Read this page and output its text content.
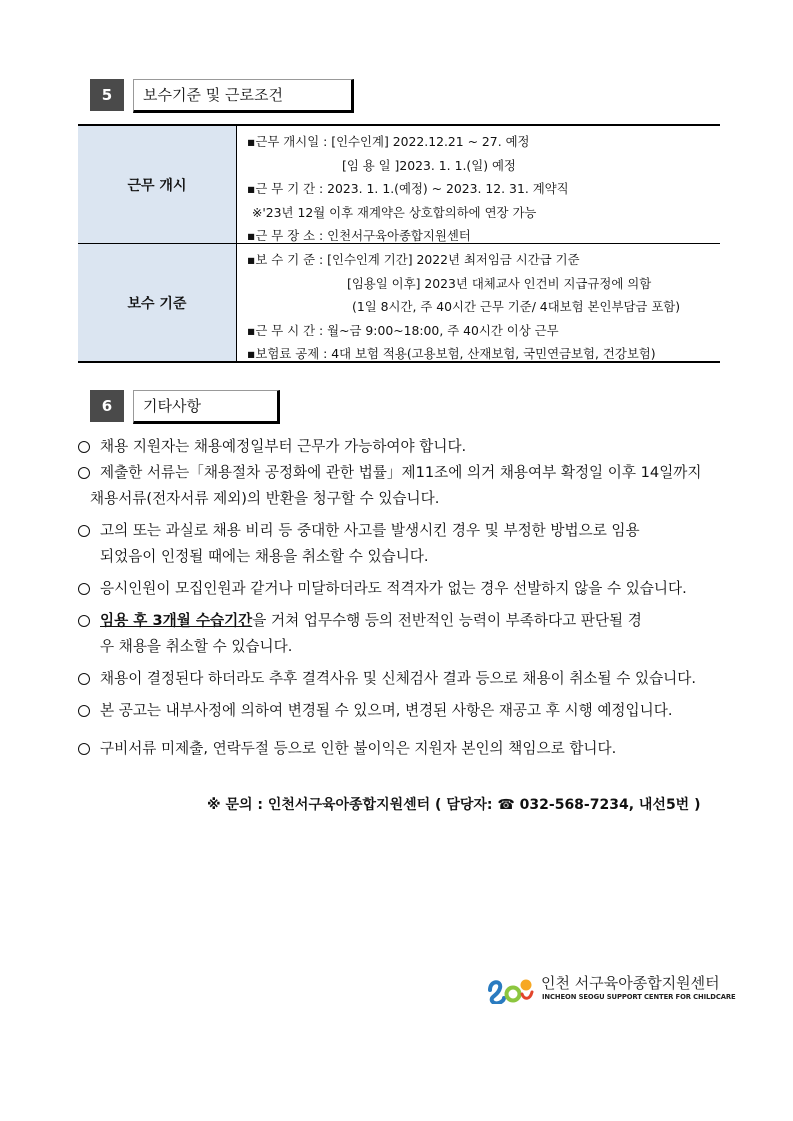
5	보수기준 및 근로조건
근무 개시
▪근무 개시일 : [인수인계] 2022.12.21 ~ 27. 예정
[임 용 일 ]2023. 1. 1.(일) 예정
▪근 무 기 간 : 2023. 1. 1.(예정) ~ 2023. 12. 31. 계약직
※'23년 12월 이후 재계약은 상호합의하에 연장 가능
▪근 무 장 소 : 인천서구육아종합지원센터
보수 기준
▪보 수 기 준 : [인수인계 기간] 2022년 최저임금 시간급 기준
[임용일 이후] 2023년 대체교사 인건비 지급규정에 의함
(1일 8시간, 주 40시간 근무 기준/ 4대보험 본인부담금 포함)
▪근 무 시 간 : 월~금 9:00~18:00, 주 40시간 이상 근무
▪보험료 공제 : 4대 보험 적용(고용보험, 산재보험, 국민연금보험, 건강보험)
6	기타사항
채용 지원자는 채용예정일부터 근무가 가능하여야 합니다.
제출한 서류는「채용절차 공정화에 관한 법률」제11조에 의거 채용여부 확정일 이후 14일까지
채용서류(전자서류 제외)의 반환을 청구할 수 있습니다.
고의 또는 과실로 채용 비리 등 중대한 사고를 발생시킨 경우 및 부정한 방법으로 임용
되었음이 인정될 때에는 채용을 취소할 수 있습니다.
응시인원이 모집인원과 같거나 미달하더라도 적격자가 없는 경우 선발하지 않을 수 있습니다.
임용 후 3개월 수습기간을 거쳐 업무수행 등의 전반적인 능력이 부족하다고 판단될 경
우 채용을 취소할 수 있습니다.
채용이 결정된다 하더라도 추후 결격사유 및 신체검사 결과 등으로 채용이 취소될 수 있습니다.
본 공고는 내부사정에 의하여 변경될 수 있으며, 변경된 사항은 재공고 후 시행 예정입니다.
구비서류 미제출, 연락두절 등으로 인한 불이익은 지원자 본인의 책임으로 합니다.
※ 문의 : 인천서구육아종합지원센터 ( 담당자: ☎ 032-568-7234, 내선5번 )
인천 서구육아종합지원센터
INCHEON SEOGU SUPPORT CENTER FOR CHILDCARE
